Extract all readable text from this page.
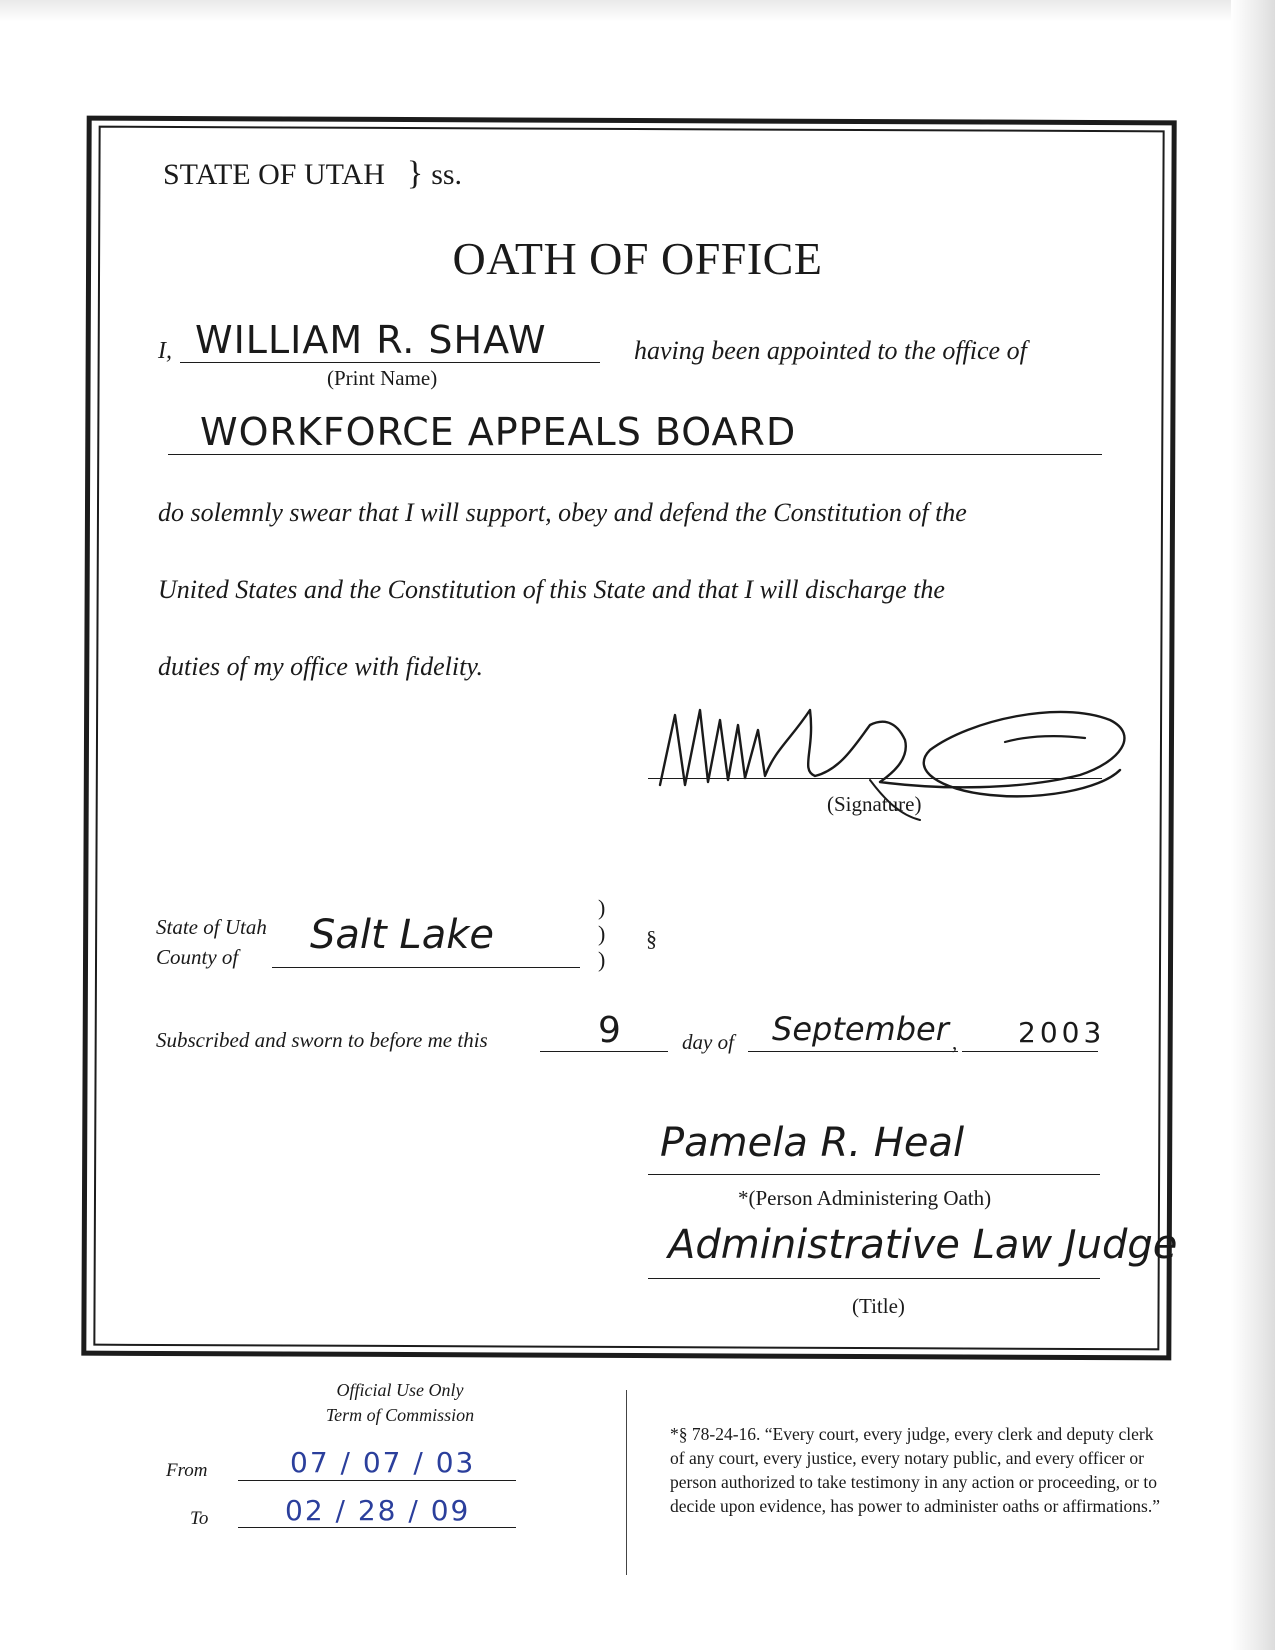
STATE OF UTAH } ss.
OATH OF OFFICE
I, WILLIAM R. SHAW
(Print Name)
having been appointed to the office of
WORKFORCE APPEALS BOARD
do solemnly swear that I will support, obey and defend the Constitution of the
United States and the Constitution of this State and that I will discharge the
duties of my office with fidelity.
(Signature)
State of Utah
County of Salt Lake
)
)
)
§
Subscribed and sworn to before me this	9	day of September , 2003
Pamela R. Heal
*(Person Administering Oath)
Administrative Law Judge
(Title)
Official Use Only
Term of Commission
From	07 / 07 / 03
To	02 / 28 / 09
*§ 78-24-16. “Every court, every judge, every clerk and deputy clerk of any court, every justice, every notary public, and every officer or person authorized to take testimony in any action or proceeding, or to decide upon evidence, has power to administer oaths or affirmations.”
